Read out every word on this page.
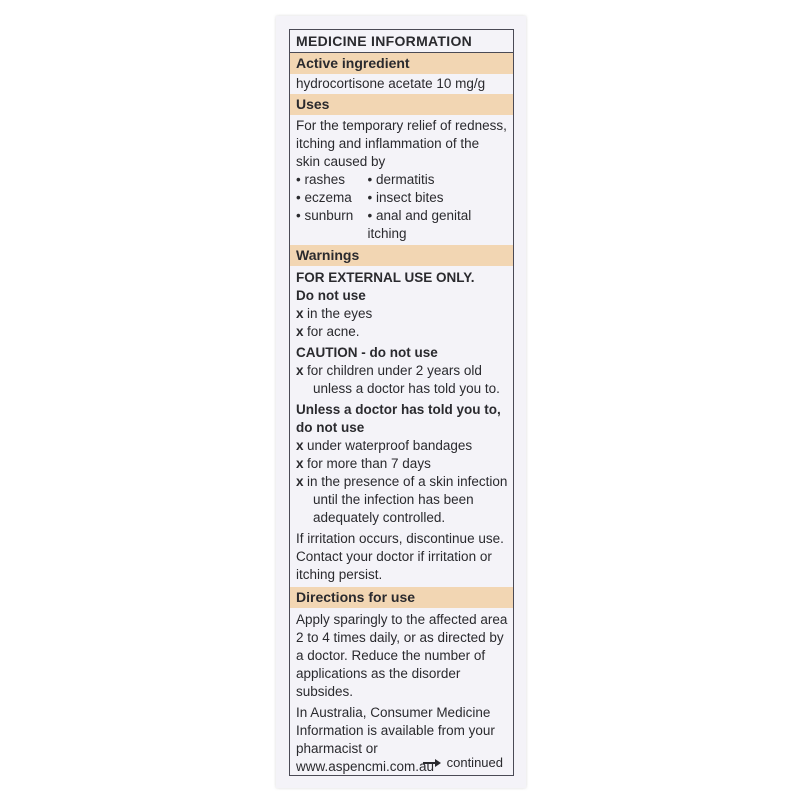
MEDICINE INFORMATION
Active ingredient
hydrocortisone acetate 10 mg/g
Uses
For the temporary relief of redness,
itching and inflammation of the
skin caused by
• rashes
• eczema
• sunburn
• dermatitis
• insect bites
• anal and genital itching
Warnings
FOR EXTERNAL USE ONLY.
Do not use
x in the eyes
x for acne.
CAUTION - do not use
x for children under 2 years old
unless a doctor has told you to.
Unless a doctor has told you to,
do not use
x under waterproof bandages
x for more than 7 days
x in the presence of a skin infection
until the infection has been
adequately controlled.
If irritation occurs, discontinue use.
Contact your doctor if irritation or
itching persist.
Directions for use
Apply sparingly to the affected area
2 to 4 times daily, or as directed by
a doctor. Reduce the number of
applications as the disorder subsides.
In Australia, Consumer Medicine
Information is available from your
pharmacist or www.aspencmi.com.au continued
